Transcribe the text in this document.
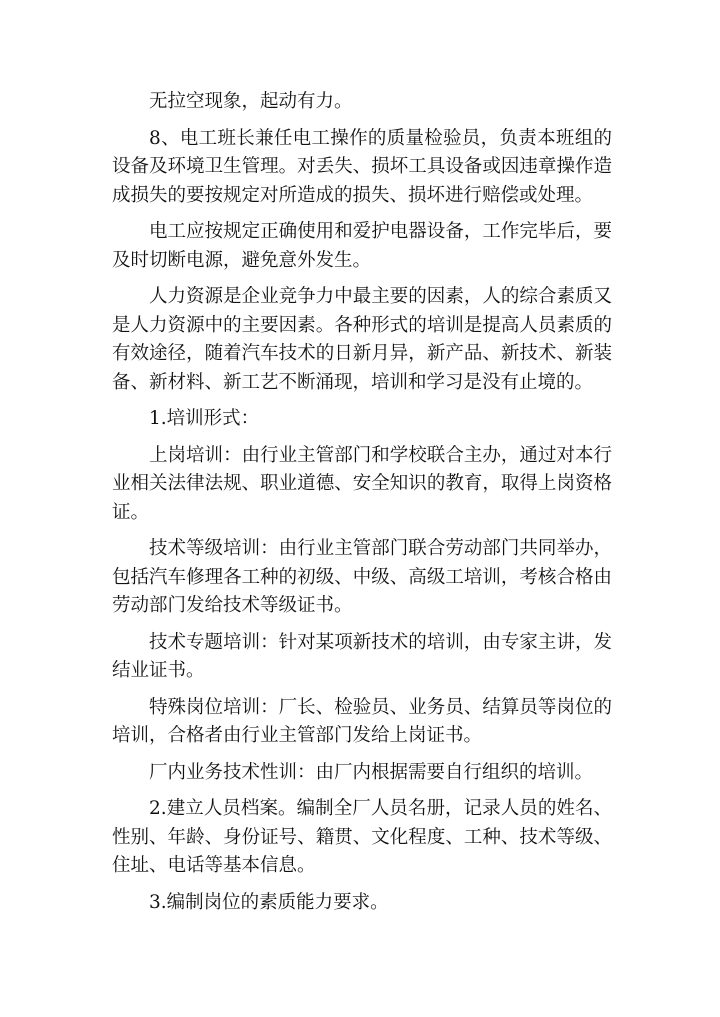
无拉空现象，起动有力。

8、电工班长兼任电工操作的质量检验员，负责本班组的设备及环境卫生管理。对丢失、损坏工具设备或因违章操作造成损失的要按规定对所造成的损失、损坏进行赔偿或处理。

电工应按规定正确使用和爱护电器设备，工作完毕后，要及时切断电源，避免意外发生。

人力资源是企业竞争力中最主要的因素，人的综合素质又是人力资源中的主要因素。各种形式的培训是提高人员素质的有效途径，随着汽车技术的日新月异，新产品、新技术、新装备、新材料、新工艺不断涌现，培训和学习是没有止境的。

1.培训形式：

上岗培训：由行业主管部门和学校联合主办，通过对本行业相关法律法规、职业道德、安全知识的教育，取得上岗资格证。

技术等级培训：由行业主管部门联合劳动部门共同举办，包括汽车修理各工种的初级、中级、高级工培训，考核合格由劳动部门发给技术等级证书。

技术专题培训：针对某项新技术的培训，由专家主讲，发结业证书。

特殊岗位培训：厂长、检验员、业务员、结算员等岗位的培训，合格者由行业主管部门发给上岗证书。

厂内业务技术性训：由厂内根据需要自行组织的培训。

2.建立人员档案。编制全厂人员名册，记录人员的姓名、性别、年龄、身份证号、籍贯、文化程度、工种、技术等级、住址、电话等基本信息。

3.编制岗位的素质能力要求。
